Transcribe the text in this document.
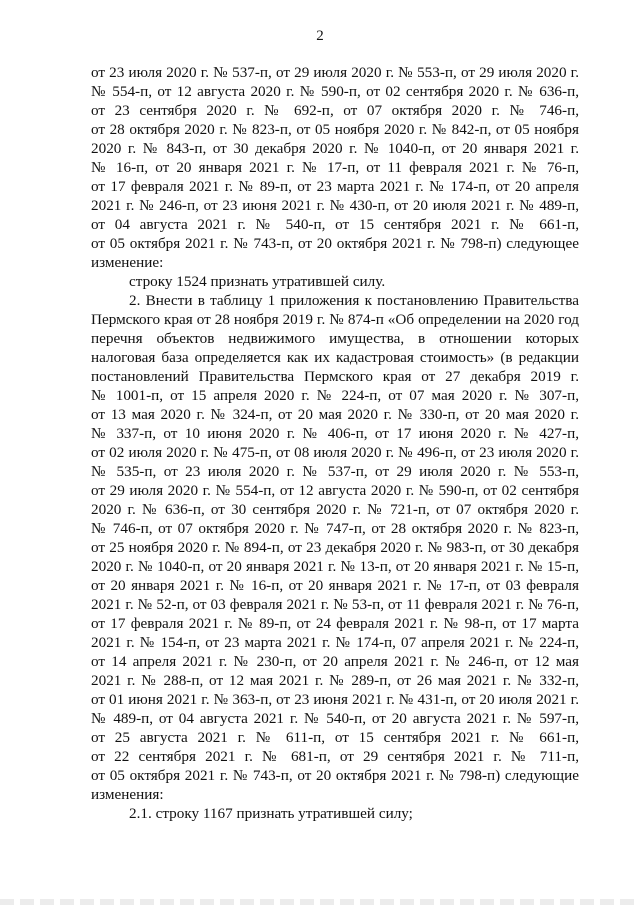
2
от 23 июля 2020 г. № 537-п, от 29 июля 2020 г. № 553-п, от 29 июля 2020 г.
№ 554-п, от 12 августа 2020 г. № 590-п, от 02 сентября 2020 г. № 636-п,
от 23 сентября 2020 г. № 692-п, от 07 октября 2020 г. № 746-п,
от 28 октября 2020 г. № 823-п, от 05 ноября 2020 г. № 842-п, от 05 ноября
2020 г. № 843-п, от 30 декабря 2020 г. № 1040-п, от 20 января 2021 г.
№ 16-п, от 20 января 2021 г. № 17-п, от 11 февраля 2021 г. № 76-п,
от 17 февраля 2021 г. № 89-п, от 23 марта 2021 г. № 174-п, от 20 апреля
2021 г. № 246-п, от 23 июня 2021 г. № 430-п, от 20 июля 2021 г. № 489-п,
от 04 августа 2021 г. № 540-п, от 15 сентября 2021 г. № 661-п,
от 05 октября 2021 г. № 743-п, от 20 октября 2021 г. № 798-п) следующее
изменение:
строку 1524 признать утратившей силу.
2. Внести в таблицу 1 приложения к постановлению Правительства
Пермского края от 28 ноября 2019 г. № 874-п «Об определении на 2020 год
перечня объектов недвижимого имущества, в отношении которых
налоговая база определяется как их кадастровая стоимость» (в редакции
постановлений Правительства Пермского края от 27 декабря 2019 г.
№ 1001-п, от 15 апреля 2020 г. № 224-п, от 07 мая 2020 г. № 307-п,
от 13 мая 2020 г. № 324-п, от 20 мая 2020 г. № 330-п, от 20 мая 2020 г.
№ 337-п, от 10 июня 2020 г. № 406-п, от 17 июня 2020 г. № 427-п,
от 02 июля 2020 г. № 475-п, от 08 июля 2020 г. № 496-п, от 23 июля 2020 г.
№ 535-п, от 23 июля 2020 г. № 537-п, от 29 июля 2020 г. № 553-п,
от 29 июля 2020 г. № 554-п, от 12 августа 2020 г. № 590-п, от 02 сентября
2020 г. № 636-п, от 30 сентября 2020 г. № 721-п, от 07 октября 2020 г.
№ 746-п, от 07 октября 2020 г. № 747-п, от 28 октября 2020 г. № 823-п,
от 25 ноября 2020 г. № 894-п, от 23 декабря 2020 г. № 983-п, от 30 декабря
2020 г. № 1040-п, от 20 января 2021 г. № 13-п, от 20 января 2021 г. № 15-п,
от 20 января 2021 г. № 16-п, от 20 января 2021 г. № 17-п, от 03 февраля
2021 г. № 52-п, от 03 февраля 2021 г. № 53-п, от 11 февраля 2021 г. № 76-п,
от 17 февраля 2021 г. № 89-п, от 24 февраля 2021 г. № 98-п, от 17 марта
2021 г. № 154-п, от 23 марта 2021 г. № 174-п, 07 апреля 2021 г. № 224-п,
от 14 апреля 2021 г. № 230-п, от 20 апреля 2021 г. № 246-п, от 12 мая
2021 г. № 288-п, от 12 мая 2021 г. № 289-п, от 26 мая 2021 г. № 332-п,
от 01 июня 2021 г. № 363-п, от 23 июня 2021 г. № 431-п, от 20 июля 2021 г.
№ 489-п, от 04 августа 2021 г. № 540-п, от 20 августа 2021 г. № 597-п,
от 25 августа 2021 г. № 611-п, от 15 сентября 2021 г. № 661-п,
от 22 сентября 2021 г. № 681-п, от 29 сентября 2021 г. № 711-п,
от 05 октября 2021 г. № 743-п, от 20 октября 2021 г. № 798-п) следующие
изменения:
2.1. строку 1167 признать утратившей силу;
